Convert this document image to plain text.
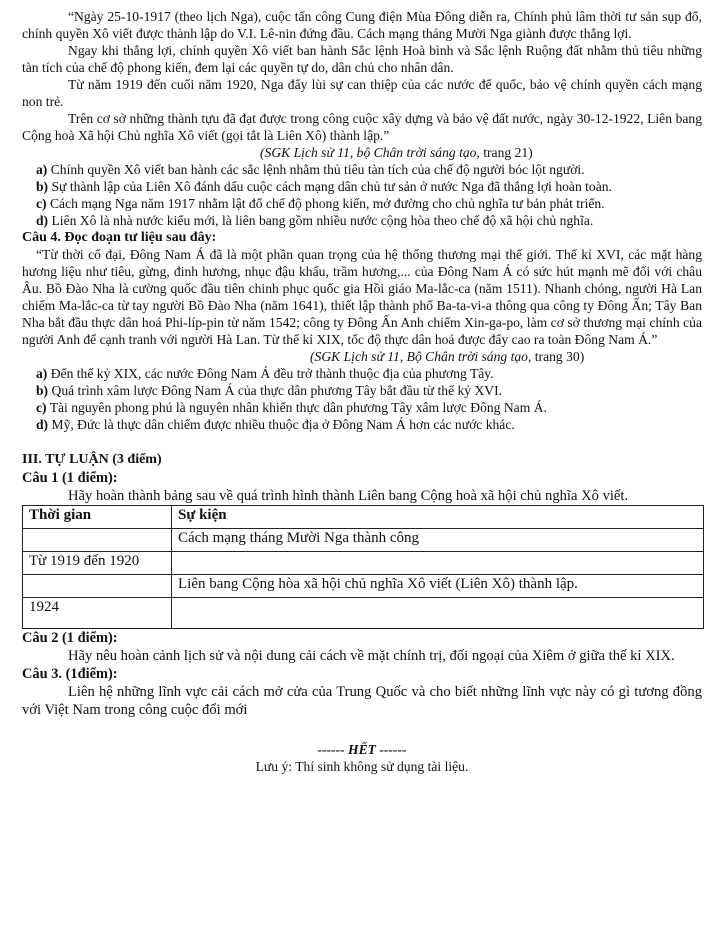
“Ngày 25-10-1917 (theo lịch Nga), cuộc tấn công Cung điện Mùa Đông diễn ra, Chính phủ lâm thời tư sản sụp đổ, chính quyền Xô viết được thành lập do V.I. Lê-nin đứng đầu. Cách mạng tháng Mười Nga giành được thắng lợi.

Ngay khi thắng lợi, chính quyền Xô viết ban hành Sắc lệnh Hoà bình và Sắc lệnh Ruộng đất nhằm thủ tiêu những tàn tích của chế độ phong kiến, đem lại các quyền tự do, dân chủ cho nhân dân.

Từ năm 1919 đến cuối năm 1920, Nga đẩy lùi sự can thiệp của các nước đế quốc, bảo vệ chính quyền cách mạng non trẻ.

Trên cơ sở những thành tựu đã đạt được trong công cuộc xây dựng và bảo vệ đất nước, ngày 30-12-1922, Liên bang Cộng hoà Xã hội Chủ nghĩa Xô viết (gọi tắt là Liên Xô) thành lập.”

(SGK Lịch sử 11, bộ Chân trời sáng tạo, trang 21)

a) Chính quyền Xô viết ban hành các sắc lệnh nhằm thủ tiêu tàn tích của chế độ người bóc lột người.

b) Sự thành lập của Liên Xô đánh dấu cuộc cách mạng dân chủ tư sản ở nước Nga đã thắng lợi hoàn toàn.

c) Cách mạng Nga năm 1917 nhằm lật đổ chế độ phong kiến, mở đường cho chủ nghĩa tư bản phát triển.

d) Liên Xô là nhà nước kiểu mới, là liên bang gồm nhiều nước cộng hòa theo chế độ xã hội chủ nghĩa.

Câu 4. Đọc đoạn tư liệu sau đây:

“Từ thời cổ đại, Đông Nam Á đã là một phần quan trọng của hệ thống thương mại thế giới. Thế kỉ XVI, các mặt hàng hương liệu như tiêu, gừng, đinh hương, nhục đậu khấu, trầm hương,... của Đông Nam Á có sức hút mạnh mẽ đối với châu Âu. Bồ Đào Nha là cường quốc đầu tiên chinh phục quốc gia Hồi giáo Ma-lắc-ca (năm 1511). Nhanh chóng, người Hà Lan chiếm Ma-lắc-ca từ tay người Bồ Đào Nha (năm 1641), thiết lập thành phố Ba-ta-vi-a thông qua công ty Đông Ấn; Tây Ban Nha bắt đầu thực dân hoá Phi-líp-pin từ năm 1542; công ty Đông Ấn Anh chiếm Xin-ga-po, làm cơ sở thương mại chính của người Anh để cạnh tranh với người Hà Lan. Từ thế kỉ XIX, tốc độ thực dân hoá được đẩy cao ra toàn Đông Nam Á.”

(SGK Lịch sử 11, Bộ Chân trời sáng tạo, trang 30)

a) Đến thế kỷ XIX, các nước Đông Nam Á đều trở thành thuộc địa của phương Tây.

b) Quá trình xâm lược Đông Nam Á của thực dân phương Tây bắt đầu từ thế kỷ XVI.

c) Tài nguyên phong phú là nguyên nhân khiến thực dân phương Tây xâm lược Đông Nam Á.

d) Mỹ, Đức là thực dân chiếm được nhiều thuộc địa ở Đông Nam Á hơn các nước khác.

III. TỰ LUẬN (3 điểm)

Câu 1 (1 điểm):

Hãy hoàn thành bảng sau về quá trình hình thành Liên bang Cộng hoà xã hội chủ nghĩa Xô viết.

Thời gian	Sự kiện
	Cách mạng tháng Mười Nga thành công
Từ 1919 đến 1920	
	Liên bang Cộng hòa xã hội chủ nghĩa Xô viết (Liên Xô) thành lập.
1924	

Câu 2 (1 điểm):

Hãy nêu hoàn cảnh lịch sử và nội dung cải cách về mặt chính trị, đối ngoại của Xiêm ở giữa thế kỉ XIX.

Câu 3. (1điểm):

Liên hệ những lĩnh vực cải cách mở cửa của Trung Quốc và cho biết những lĩnh vực này có gì tương đồng với Việt Nam trong công cuộc đổi mới

------ HẾT ------

Lưu ý: Thí sinh không sử dụng tài liệu.
